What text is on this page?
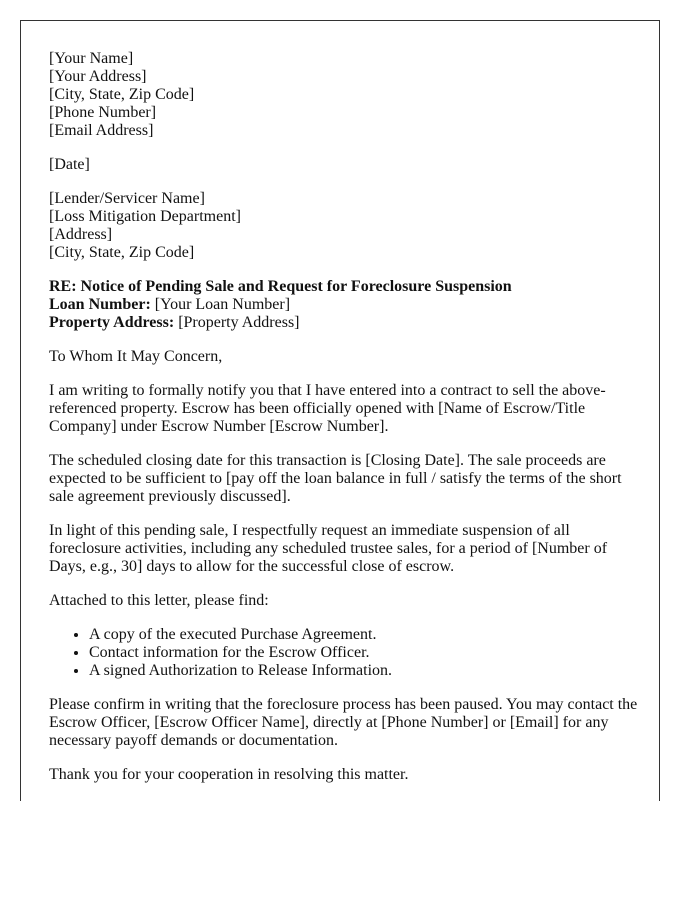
[Your Name]
[Your Address]
[City, State, Zip Code]
[Phone Number]
[Email Address]
[Date]
[Lender/Servicer Name]
[Loss Mitigation Department]
[Address]
[City, State, Zip Code]
RE: Notice of Pending Sale and Request for Foreclosure Suspension
Loan Number: [Your Loan Number]
Property Address: [Property Address]

To Whom It May Concern,

I am writing to formally notify you that I have entered into a contract to sell the above-referenced property. Escrow has been officially opened with [Name of Escrow/Title Company] under Escrow Number [Escrow Number].

The scheduled closing date for this transaction is [Closing Date]. The sale proceeds are expected to be sufficient to [pay off the loan balance in full / satisfy the terms of the short sale agreement previously discussed].

In light of this pending sale, I respectfully request an immediate suspension of all foreclosure activities, including any scheduled trustee sales, for a period of [Number of Days, e.g., 30] days to allow for the successful close of escrow.

Attached to this letter, please find:

• A copy of the executed Purchase Agreement.
• Contact information for the Escrow Officer.
• A signed Authorization to Release Information.

Please confirm in writing that the foreclosure process has been paused. You may contact the Escrow Officer, [Escrow Officer Name], directly at [Phone Number] or [Email] for any necessary payoff demands or documentation.

Thank you for your cooperation in resolving this matter.
